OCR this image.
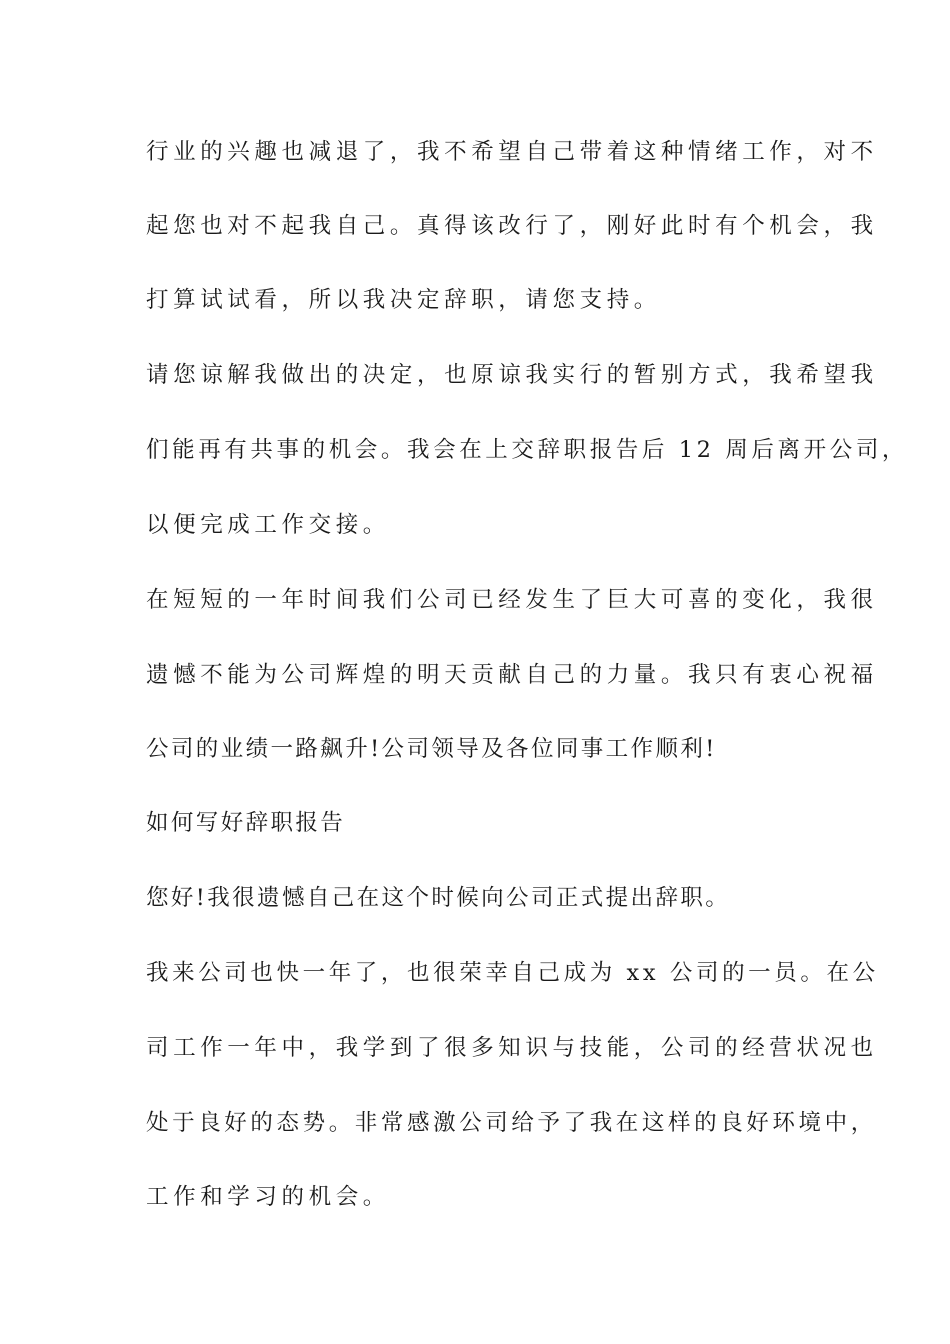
行业的兴趣也减退了，我不希望自己带着这种情绪工作，对不
起您也对不起我自己。真得该改行了，刚好此时有个机会，我
打算试试看，所以我决定辞职，请您支持。
请您谅解我做出的决定，也原谅我实行的暂别方式，我希望我
们能再有共事的机会。我会在上交辞职报告后 12 周后离开公司，
以便完成工作交接。
在短短的一年时间我们公司已经发生了巨大可喜的变化，我很
遗憾不能为公司辉煌的明天贡献自己的力量。我只有衷心祝福
公司的业绩一路飙升!公司领导及各位同事工作顺利!
如何写好辞职报告
您好!我很遗憾自己在这个时候向公司正式提出辞职。
我来公司也快一年了，也很荣幸自己成为 xx 公司的一员。在公
司工作一年中，我学到了很多知识与技能，公司的经营状况也
处于良好的态势。非常感激公司给予了我在这样的良好环境中，
工作和学习的机会。
